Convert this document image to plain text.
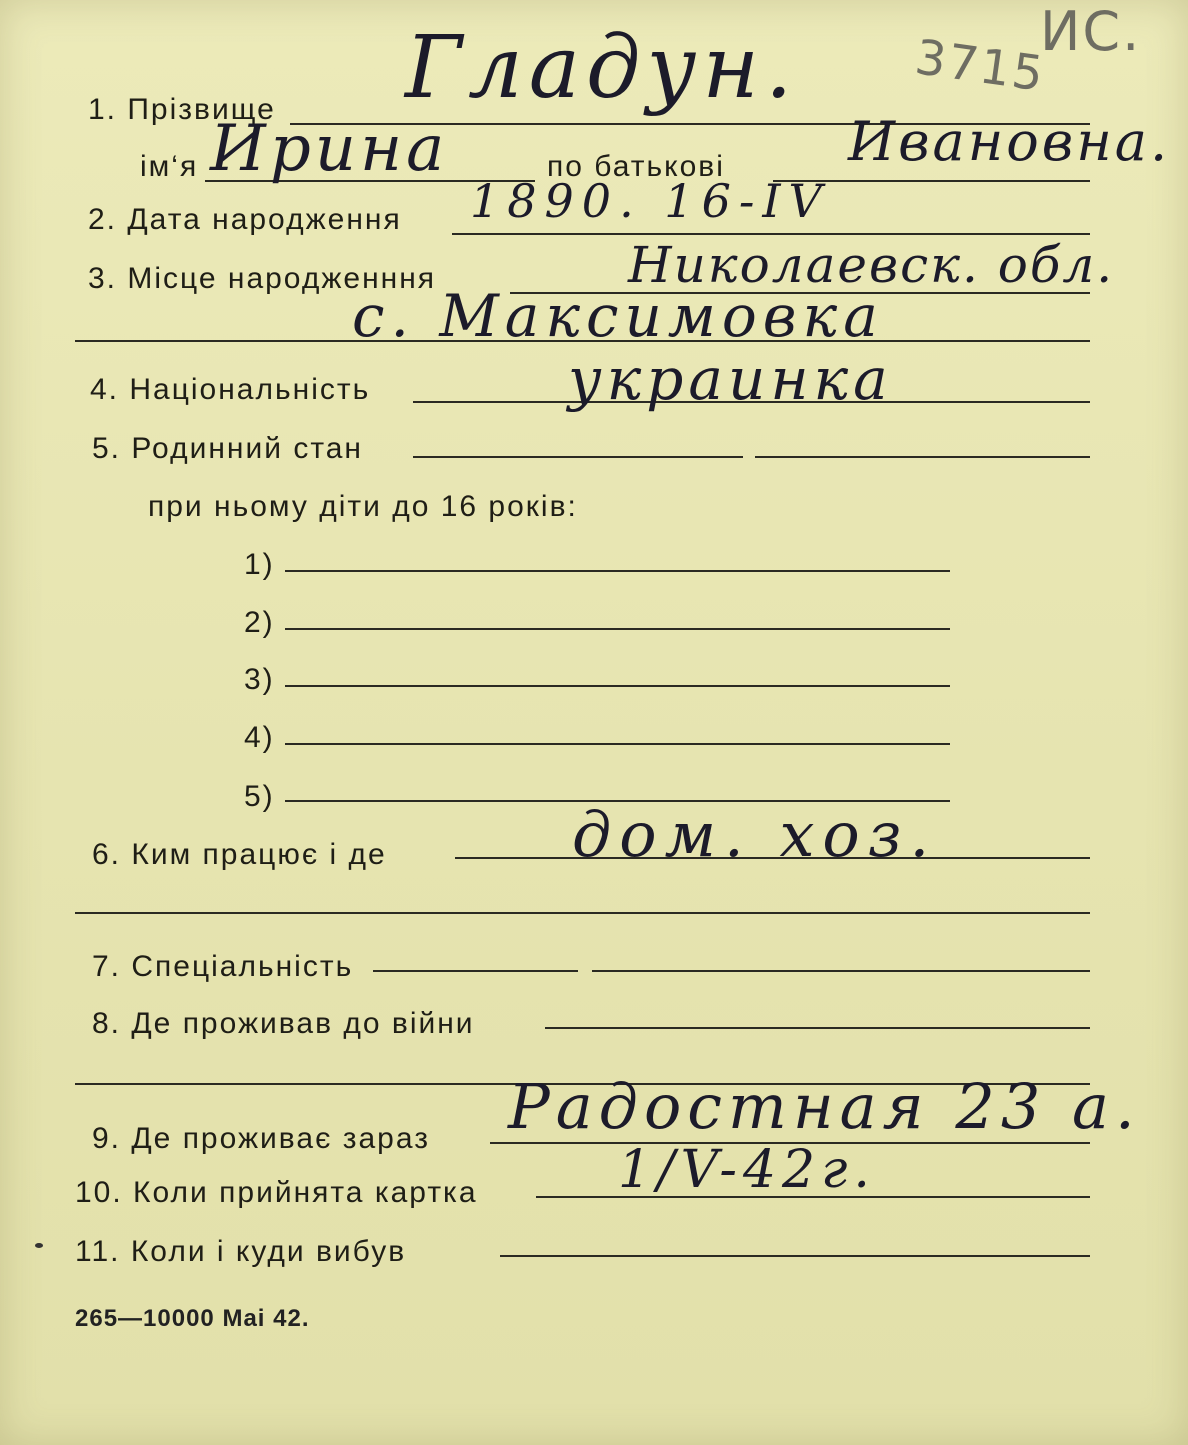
3715
ИС.
1. Прізвище Гладун.
ім‘я Ирина	по батькові Ивановна.
2. Дата народження 1890. 16-IV
3. Місце народженння	Николаевск. обл.
с. Максимовка
4. Національність	украинка
5. Родинний стан
при ньому діти до 16 років:
1)
2)
3)
4)
5)
6. Ким працює і де	дом. хоз.
7. Спеціальність
8. Де проживав до війни
9. Де проживає зараз Радостная 23 а.
10. Коли прийнята картка	1/V-42г.
11. Коли і куди вибув
265—10000 Mai 42.
